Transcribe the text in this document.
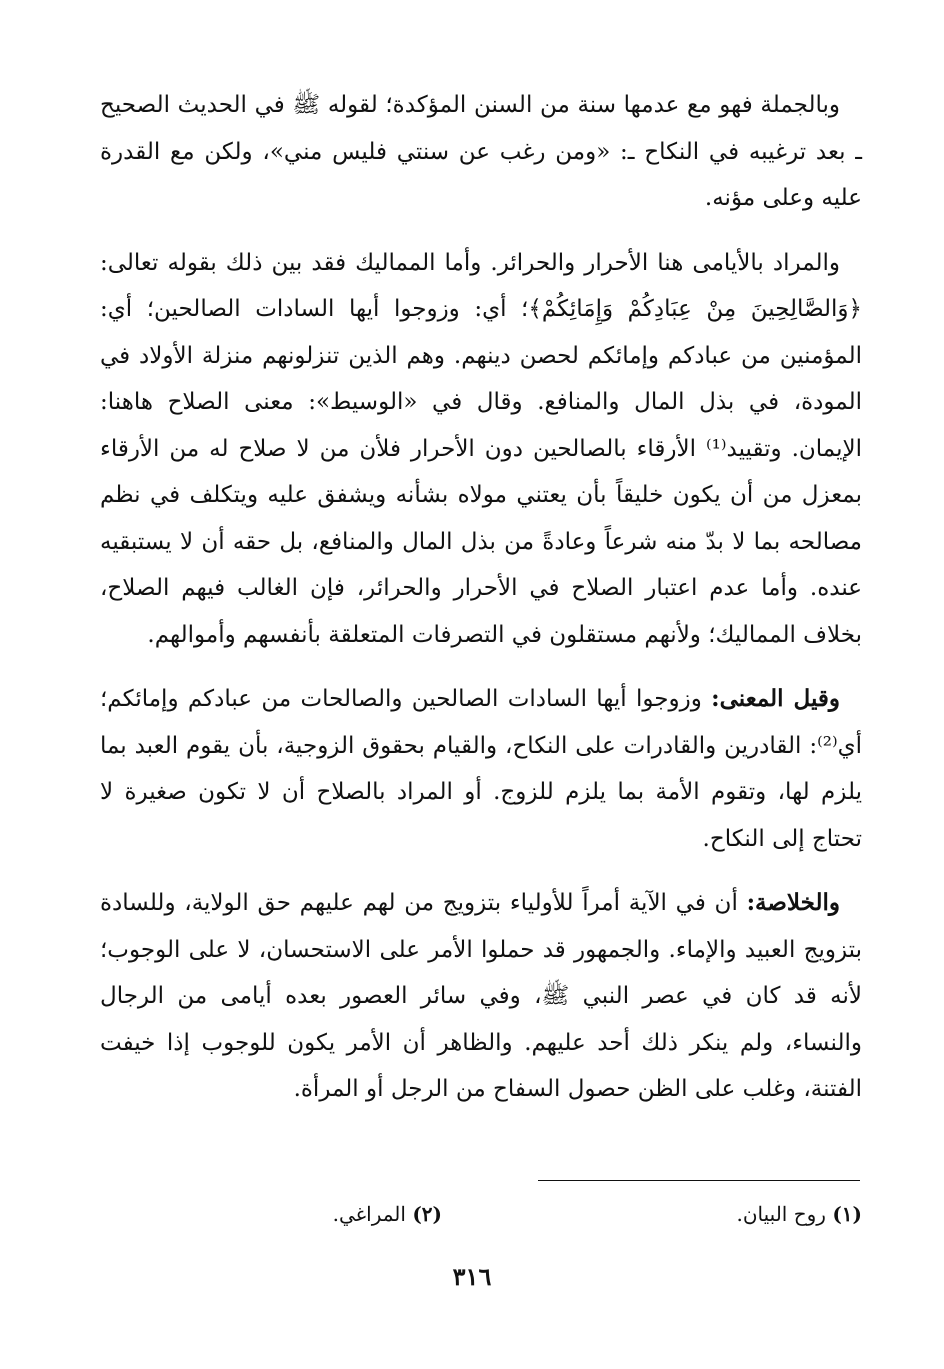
وبالجملة فهو مع عدمها سنة من السنن المؤكدة؛ لقوله ﷺ في الحديث الصحيح ـ بعد ترغيبه في النكاح ـ: «ومن رغب عن سنتي فليس مني»، ولكن مع القدرة عليه وعلى مؤنه.

والمراد بالأيامى هنا الأحرار والحرائر. وأما المماليك فقد بين ذلك بقوله تعالى: ﴿وَالصَّالِحِينَ مِنْ عِبَادِكُمْ وَإِمَائِكُمْ﴾؛ أي: وزوجوا أيها السادات الصالحين؛ أي: المؤمنين من عبادكم وإمائكم لحصن دينهم. وهم الذين تنزلونهم منزلة الأولاد في المودة، في بذل المال والمنافع. وقال في «الوسيط»: معنى الصلاح هاهنا: الإيمان. وتقييد⁽¹⁾ الأرقاء بالصالحين دون الأحرار فلأن من لا صلاح له من الأرقاء بمعزل من أن يكون خليقاً بأن يعتني مولاه بشأنه ويشفق عليه ويتكلف في نظم مصالحه بما لا بدّ منه شرعاً وعادةً من بذل المال والمنافع، بل حقه أن لا يستبقيه عنده. وأما عدم اعتبار الصلاح في الأحرار والحرائر، فإن الغالب فيهم الصلاح، بخلاف المماليك؛ ولأنهم مستقلون في التصرفات المتعلقة بأنفسهم وأموالهم.

وقيل المعنى: وزوجوا أيها السادات الصالحين والصالحات من عبادكم وإمائكم؛ أي⁽²⁾: القادرين والقادرات على النكاح، والقيام بحقوق الزوجية، بأن يقوم العبد بما يلزم لها، وتقوم الأمة بما يلزم للزوج. أو المراد بالصلاح أن لا تكون صغيرة لا تحتاج إلى النكاح.

والخلاصة: أن في الآية أمراً للأولياء بتزويج من لهم عليهم حق الولاية، وللسادة بتزويج العبيد والإماء. والجمهور قد حملوا الأمر على الاستحسان، لا على الوجوب؛ لأنه قد كان في عصر النبي ﷺ، وفي سائر العصور بعده أيامى من الرجال والنساء، ولم ينكر ذلك أحد عليهم. والظاهر أن الأمر يكون للوجوب إذا خيفت الفتنة، وغلب على الظن حصول السفاح من الرجل أو المرأة.

(١) روح البيان.
(٢) المراغي.
٣١٦
